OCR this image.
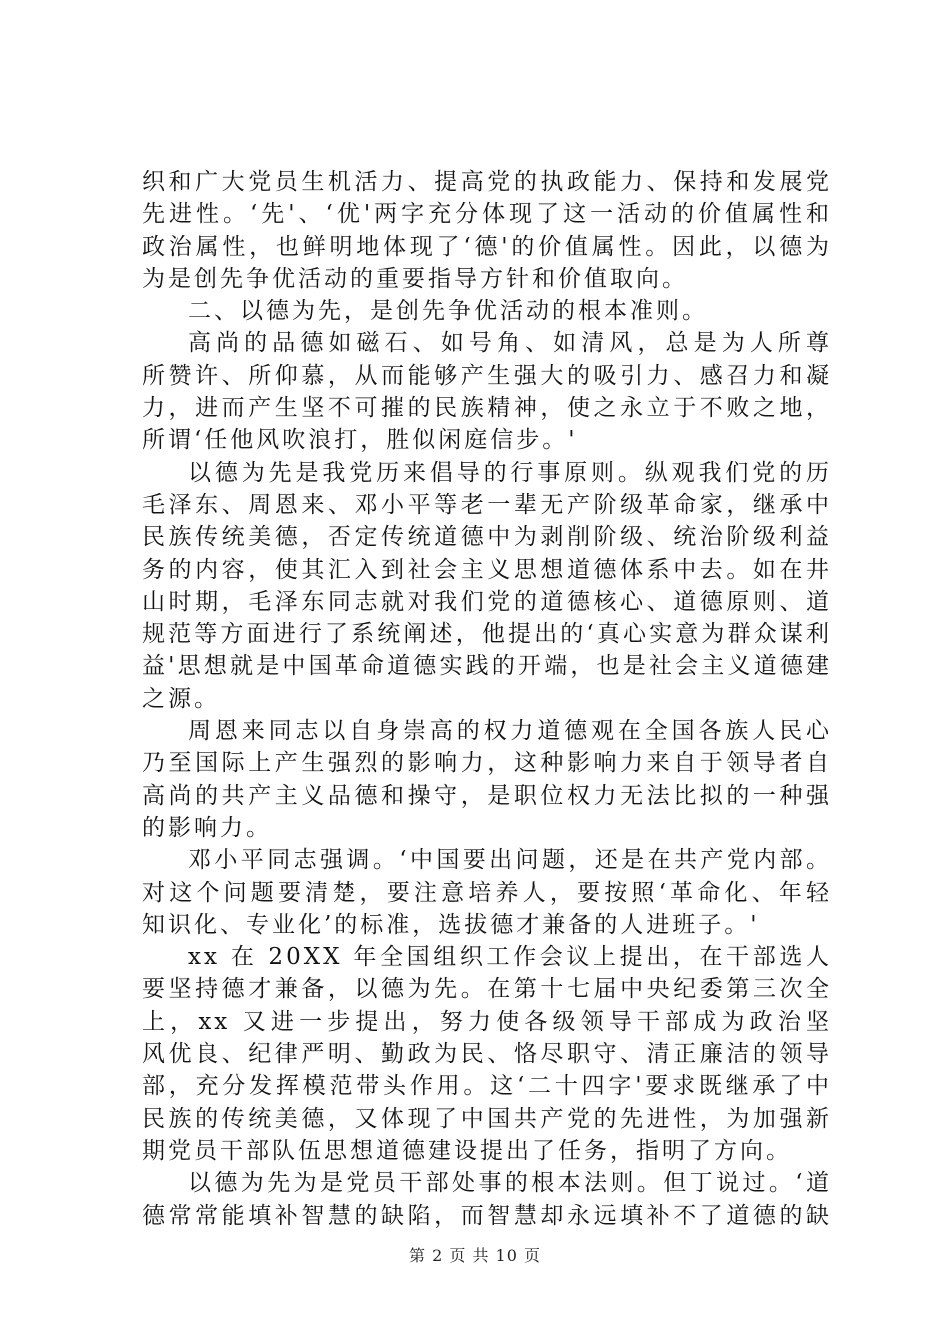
织和广大党员生机活力、提高党的执政能力、保持和发展党
先进性。‘先'、‘优'两字充分体现了这一活动的价值属性和
政治属性，也鲜明地体现了‘德'的价值属性。因此，以德为
为是创先争优活动的重要指导方针和价值取向。
二、以德为先，是创先争优活动的根本准则。
高尚的品德如磁石、如号角、如清风，总是为人所尊
所赞许、所仰慕，从而能够产生强大的吸引力、感召力和凝
力，进而产生坚不可摧的民族精神，使之永立于不败之地，
所谓‘任他风吹浪打，胜似闲庭信步。'
以德为先是我党历来倡导的行事原则。纵观我们党的历
毛泽东、周恩来、邓小平等老一辈无产阶级革命家，继承中
民族传统美德，否定传统道德中为剥削阶级、统治阶级利益
务的内容，使其汇入到社会主义思想道德体系中去。如在井
山时期，毛泽东同志就对我们党的道德核心、道德原则、道
规范等方面进行了系统阐述，他提出的‘真心实意为群众谋利
益'思想就是中国革命道德实践的开端，也是社会主义道德建
之源。
周恩来同志以自身崇高的权力道德观在全国各族人民心
乃至国际上产生强烈的影响力，这种影响力来自于领导者自
高尚的共产主义品德和操守，是职位权力无法比拟的一种强
的影响力。
邓小平同志强调。‘中国要出问题，还是在共产党内部。
对这个问题要清楚，要注意培养人，要按照‘革命化、年轻
知识化、专业化’的标准，选拔德才兼备的人进班子。'
xx 在 20XX 年全国组织工作会议上提出，在干部选人
要坚持德才兼备，以德为先。在第十七届中央纪委第三次全
上，xx 又进一步提出，努力使各级领导干部成为政治坚
风优良、纪律严明、勤政为民、恪尽职守、清正廉洁的领导
部，充分发挥模范带头作用。这‘二十四字'要求既继承了中
民族的传统美德，又体现了中国共产党的先进性，为加强新
期党员干部队伍思想道德建设提出了任务，指明了方向。
以德为先为是党员干部处事的根本法则。但丁说过。‘道
德常常能填补智慧的缺陷，而智慧却永远填补不了道德的缺
第 2 页 共 10 页
